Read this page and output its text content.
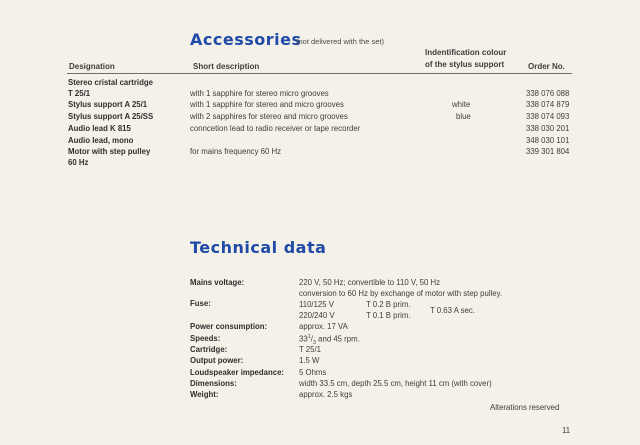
Accessories
(not delivered with the set)
Designation	Short description
Indentification colour
of the stylus support	Order No.
Stereo cristal cartridge
T 25/1	with 1 sapphire for stereo micro grooves	338 076 088
Stylus support A 25/1	with 1 sapphire for stereo and micro grooves	white	338 074 879
Stylus support A 25/SS	with 2 sapphires for stereo and micro grooves	blue	338 074 093
Audio lead K 815	conncetion lead to radio receiver or tape recorder	338 030 201
Audio lead, mono	348 030 101
Motor with step pulley	for mains frequency 60 Hz	339 301 804
60 Hz
Technical data
Mains voltage:	220 V, 50 Hz; convertible to 110 V, 50 Hz
conversion to 60 Hz by exchange of motor with step pulley.
Fuse:	110/125 V	T 0.2 B prim.
220/240 V	T 0.1 B prim.
T 0.63 A sec.
Power consumption:	approx. 17 VA
Speeds:	$33^1/_3$ and 45 rpm.
Cartridge:	T 25/1
Output power:	1.5 W
Loudspeaker impedance: 5 Ohms
Dimensions:	width 33.5 cm, depth 25.5 cm, height 11 cm (with cover)
Weight:	approx. 2.5 kgs
Alterations reserved
11
